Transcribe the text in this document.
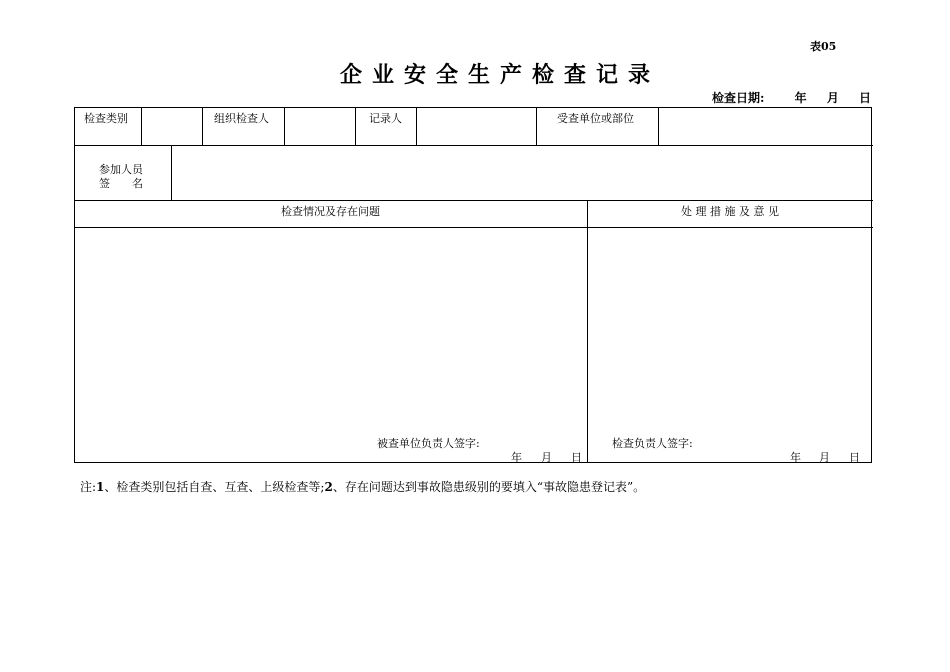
表05
企业安全生产检查记录
检查日期:	年 月 日
检查类别	组织检查人	记录人	受查单位或部位
参加人员
签　　名
检查情况及存在问题	处 理 措 施 及 意 见
被查单位负责人签字:
年 月 日
检查负责人签字:
年 月 日
注:1、检查类别包括自查、互查、上级检查等;2、存在问题达到事故隐患级别的要填入“事故隐患登记表”。
